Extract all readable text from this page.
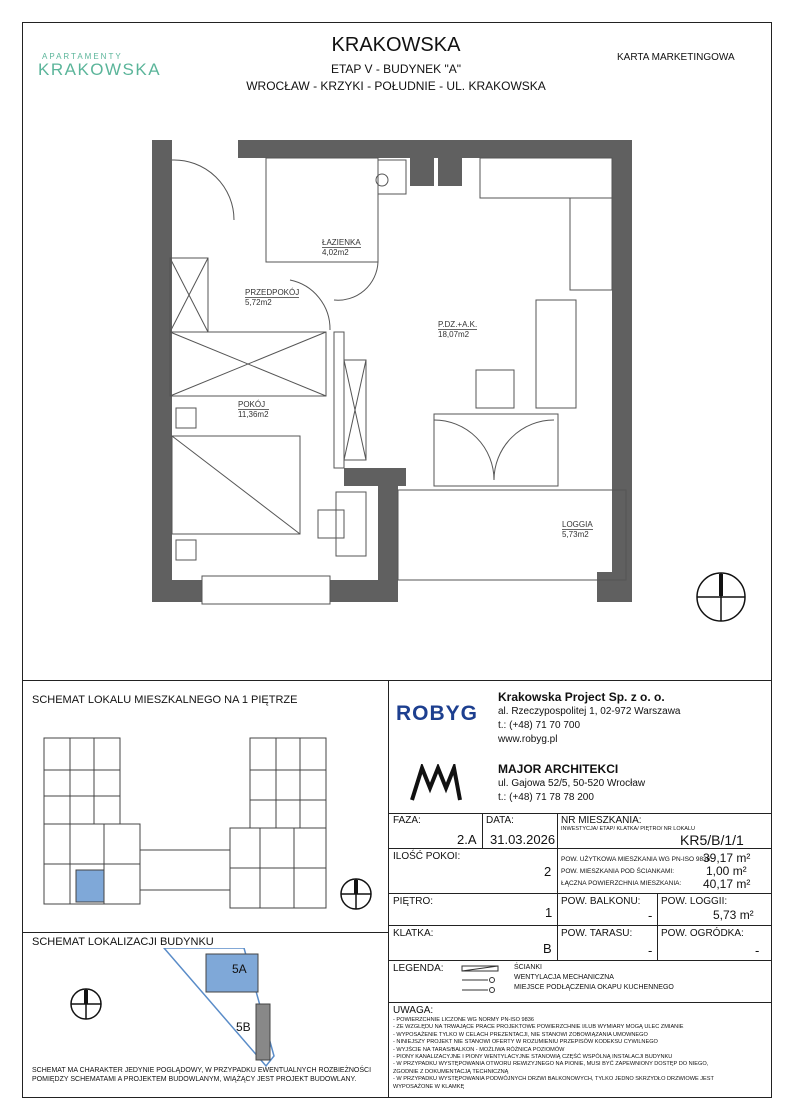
APARTAMENTY
KRAKOWSKA
KRAKOWSKA
ETAP V - BUDYNEK "A"
WROCŁAW - KRZYKI - POŁUDNIE - UL. KRAKOWSKA
KARTA MARKETINGOWA
ŁAZIENKA
4,02m2
PRZEDPOKÓJ
5,72m2
P.DZ.+A.K.
18,07m2
POKÓJ
11,36m2
LOGGIA
5,73m2
SCHEMAT LOKALU MIESZKALNEGO NA 1 PIĘTRZE
SCHEMAT LOKALIZACJI BUDYNKU
5A
5B
SCHEMAT MA CHARAKTER JEDYNIE POGLĄDOWY, W PRZYPADKU EWENTUALNYCH ROZBIEŻNOŚCI POMIĘDZY SCHEMATAMI A PROJEKTEM BUDOWLANYM, WIĄŻĄCY JEST PROJEKT BUDOWLANY.
ROBYG
Krakowska Project Sp. z o. o.
al. Rzeczypospolitej 1, 02-972 Warszawa
t.: (+48) 71 70 700
www.robyg.pl
MAJOR ARCHITEKCI
ul. Gajowa 52/5, 50-520 Wrocław
t.: (+48) 71 78 78 200
FAZA:
2.A
DATA:
31.03.2026
NR MIESZKANIA:
INWESTYCJA/ ETAP/ KLATKA/ PIĘTRO/ NR LOKALU
KR5/B/1/1
ILOŚĆ POKOI:
2
POW. UŻYTKOWA MIESZKANIA WG PN-ISO 9836:
39,17 m²
POW. MIESZKANIA POD ŚCIANKAMI:	1,00 m²
ŁĄCZNA POWIERZCHNIA MIESZKANIA: 40,17 m²
PIĘTRO:
1
POW. BALKONU:
-
POW. LOGGII:
5,73 m²
KLATKA:
B
POW. TARASU:
-
POW. OGRÓDKA:
-
LEGENDA:	ŚCIANKI
WENTYLACJA MECHANICZNA
MIEJSCE PODŁĄCZENIA OKAPU KUCHENNEGO
UWAGA:
- POWIERZCHNIE LICZONE WG NORMY PN-ISO 9836
- ZE WZGLĘDU NA TRWAJĄCE PRACE PROJEKTOWE POWIERZCHNIE I/LUB WYMIARY MOGĄ ULEC ZMIANIE
- WYPOSAŻENIE TYLKO W CELACH PREZENTACJI, NIE STANOWI ZOBOWIĄZANIA UMOWNEGO
- NINIEJSZY PROJEKT NIE STANOWI OFERTY W ROZUMIENIU PRZEPISÓW KODEKSU CYWILNEGO
- WYJŚCIE NA TARAS/BALKON - MOŻLIWA RÓŻNICA POZIOMÓW
- PIONY KANALIZACYJNE I PIONY WENTYLACYJNE STANOWIĄ CZĘŚĆ WSPÓLNĄ INSTALACJI BUDYNKU
- W PRZYPADKU WYSTĘPOWANIA OTWORU REWIZYJNEGO NA PIONIE, MUSI BYĆ ZAPEWNIONY DOSTĘP DO NIEGO, ZGODNIE Z DOKUMENTACJĄ TECHNICZNĄ
- W PRZYPADKU WYSTĘPOWANIA PODWÓJNYCH DRZWI BALKONOWYCH, TYLKO JEDNO SKRZYDŁO DRZWIOWE JEST WYPOSAŻONE W KLAMKĘ
